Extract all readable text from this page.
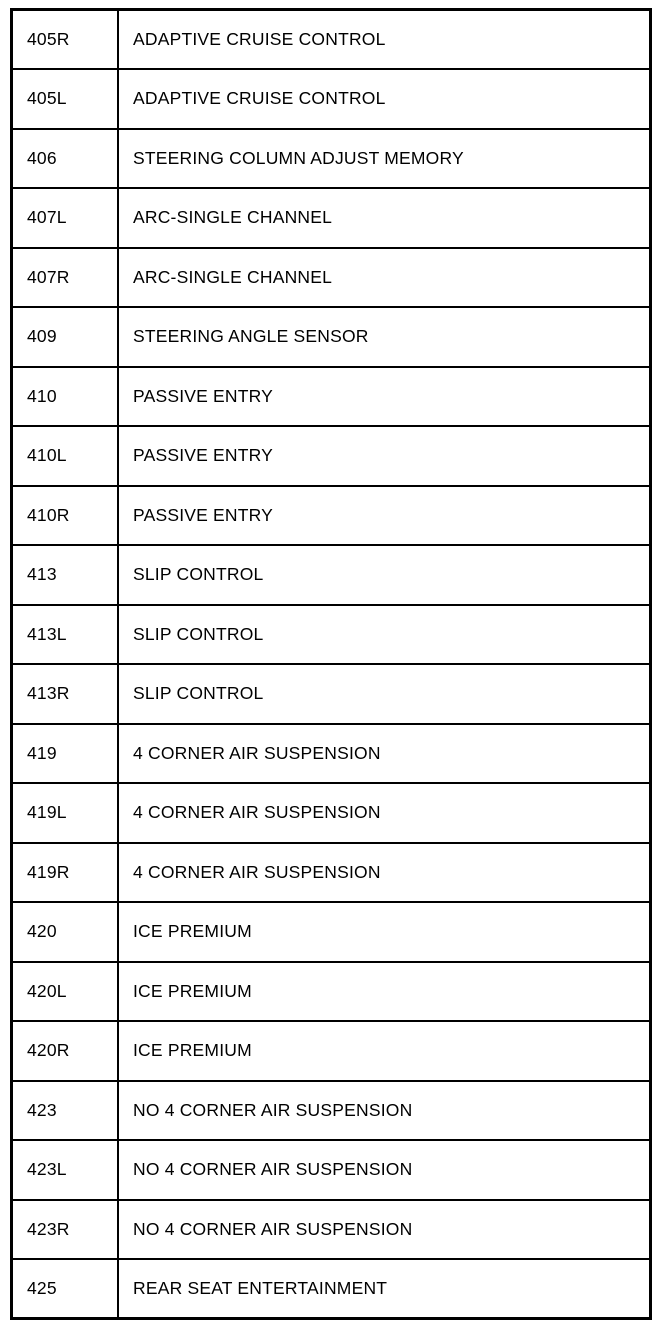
405R	ADAPTIVE CRUISE CONTROL
405L	ADAPTIVE CRUISE CONTROL
406	STEERING COLUMN ADJUST MEMORY
407L	ARC-SINGLE CHANNEL
407R	ARC-SINGLE CHANNEL
409	STEERING ANGLE SENSOR
410	PASSIVE ENTRY
410L	PASSIVE ENTRY
410R	PASSIVE ENTRY
413	SLIP CONTROL
413L	SLIP CONTROL
413R	SLIP CONTROL
419	4 CORNER AIR SUSPENSION
419L	4 CORNER AIR SUSPENSION
419R	4 CORNER AIR SUSPENSION
420	ICE PREMIUM
420L	ICE PREMIUM
420R	ICE PREMIUM
423	NO 4 CORNER AIR SUSPENSION
423L	NO 4 CORNER AIR SUSPENSION
423R	NO 4 CORNER AIR SUSPENSION
425	REAR SEAT ENTERTAINMENT
